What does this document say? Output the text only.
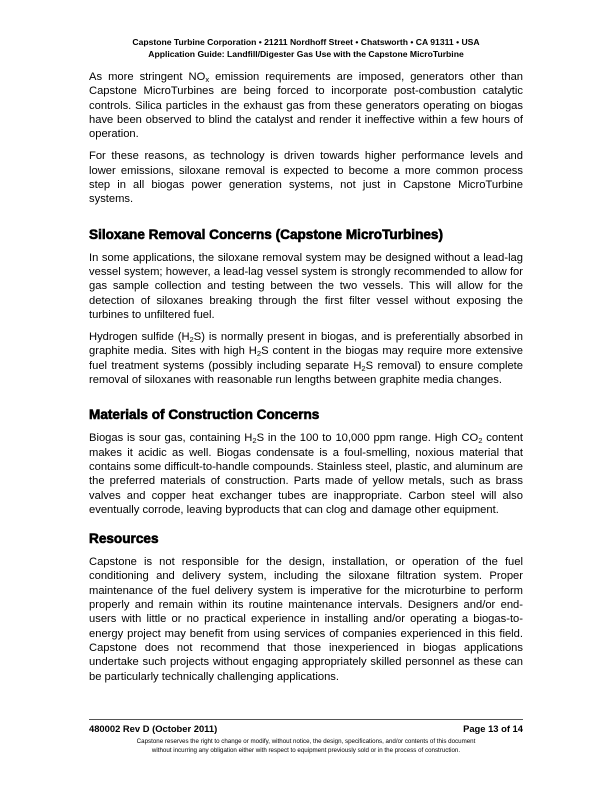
Capstone Turbine Corporation • 21211 Nordhoff Street • Chatsworth • CA 91311 • USA
Application Guide: Landfill/Digester Gas Use with the Capstone MicroTurbine

As more stringent $NO_x$ emission requirements are imposed, generators other than Capstone MicroTurbines are being forced to incorporate post-combustion catalytic controls. Silica particles in the exhaust gas from these generators operating on biogas have been observed to blind the catalyst and render it ineffective within a few hours of operation.

For these reasons, as technology is driven towards higher performance levels and lower emissions, siloxane removal is expected to become a more common process step in all biogas power generation systems, not just in Capstone MicroTurbine systems.

Siloxane Removal Concerns (Capstone MicroTurbines)

In some applications, the siloxane removal system may be designed without a lead-lag vessel system; however, a lead-lag vessel system is strongly recommended to allow for gas sample collection and testing between the two vessels. This will allow for the detection of siloxanes breaking through the first filter vessel without exposing the turbines to unfiltered fuel.

Hydrogen sulfide $(H_2S)$ is normally present in biogas, and is preferentially absorbed in graphite media. Sites with high $H_2S$ content in the biogas may require more extensive fuel treatment systems (possibly including separate $H_2S$ removal) to ensure complete removal of siloxanes with reasonable run lengths between graphite media changes.

Materials of Construction Concerns

Biogas is sour gas, containing $H_2S$ in the 100 to 10,000 ppm range. High $CO_2$ content makes it acidic as well. Biogas condensate is a foul-smelling, noxious material that contains some difficult-to-handle compounds. Stainless steel, plastic, and aluminum are the preferred materials of construction. Parts made of yellow metals, such as brass valves and copper heat exchanger tubes are inappropriate. Carbon steel will also eventually corrode, leaving byproducts that can clog and damage other equipment.

Resources

Capstone is not responsible for the design, installation, or operation of the fuel conditioning and delivery system, including the siloxane filtration system. Proper maintenance of the fuel delivery system is imperative for the microturbine to perform properly and remain within its routine maintenance intervals. Designers and/or end-users with little or no practical experience in installing and/or operating a biogas-to-energy project may benefit from using services of companies experienced in this field. Capstone does not recommend that those inexperienced in biogas applications undertake such projects without engaging appropriately skilled personnel as these can be particularly technically challenging applications.

480002 Rev D (October 2011)	Page 13 of 14
Capstone reserves the right to change or modify, without notice, the design, specifications, and/or contents of this document
without incurring any obligation either with respect to equipment previously sold or in the process of construction.
